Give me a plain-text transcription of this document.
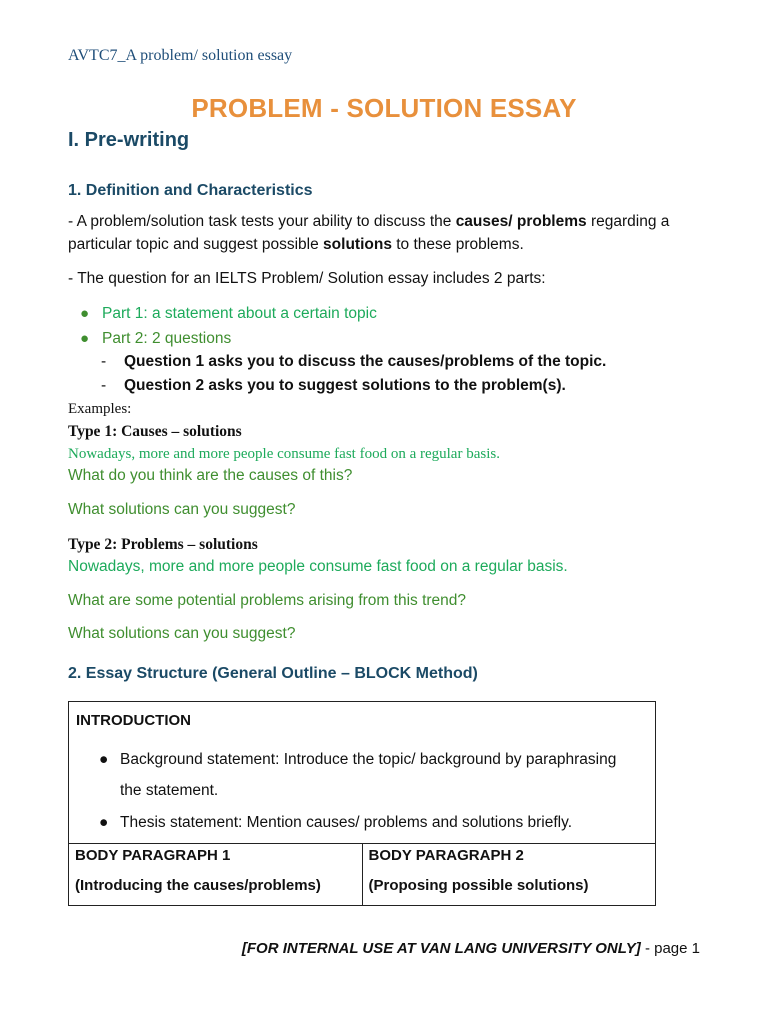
AVTC7_A problem/ solution essay
PROBLEM - SOLUTION ESSAY
I. Pre-writing
1. Definition and Characteristics
- A problem/solution task tests your ability to discuss the causes/ problems regarding a particular topic and suggest possible solutions to these problems.
- The question for an IELTS Problem/ Solution essay includes 2 parts:
● Part 1: a statement about a certain topic
● Part 2: 2 questions
- Question 1 asks you to discuss the causes/problems of the topic.
- Question 2 asks you to suggest solutions to the problem(s).
Examples:
Type 1: Causes – solutions
Nowadays, more and more people consume fast food on a regular basis.
What do you think are the causes of this?
What solutions can you suggest?
Type 2: Problems – solutions
Nowadays, more and more people consume fast food on a regular basis.
What are some potential problems arising from this trend?
What solutions can you suggest?
2. Essay Structure (General Outline – BLOCK Method)
INTRODUCTION
● Background statement: Introduce the topic/ background by paraphrasing
the statement.
● Thesis statement: Mention causes/ problems and solutions briefly.

BODY PARAGRAPH 1
(Introducing the causes/problems)

BODY PARAGRAPH 2
(Proposing possible solutions)
[FOR INTERNAL USE AT VAN LANG UNIVERSITY ONLY] - page 1
